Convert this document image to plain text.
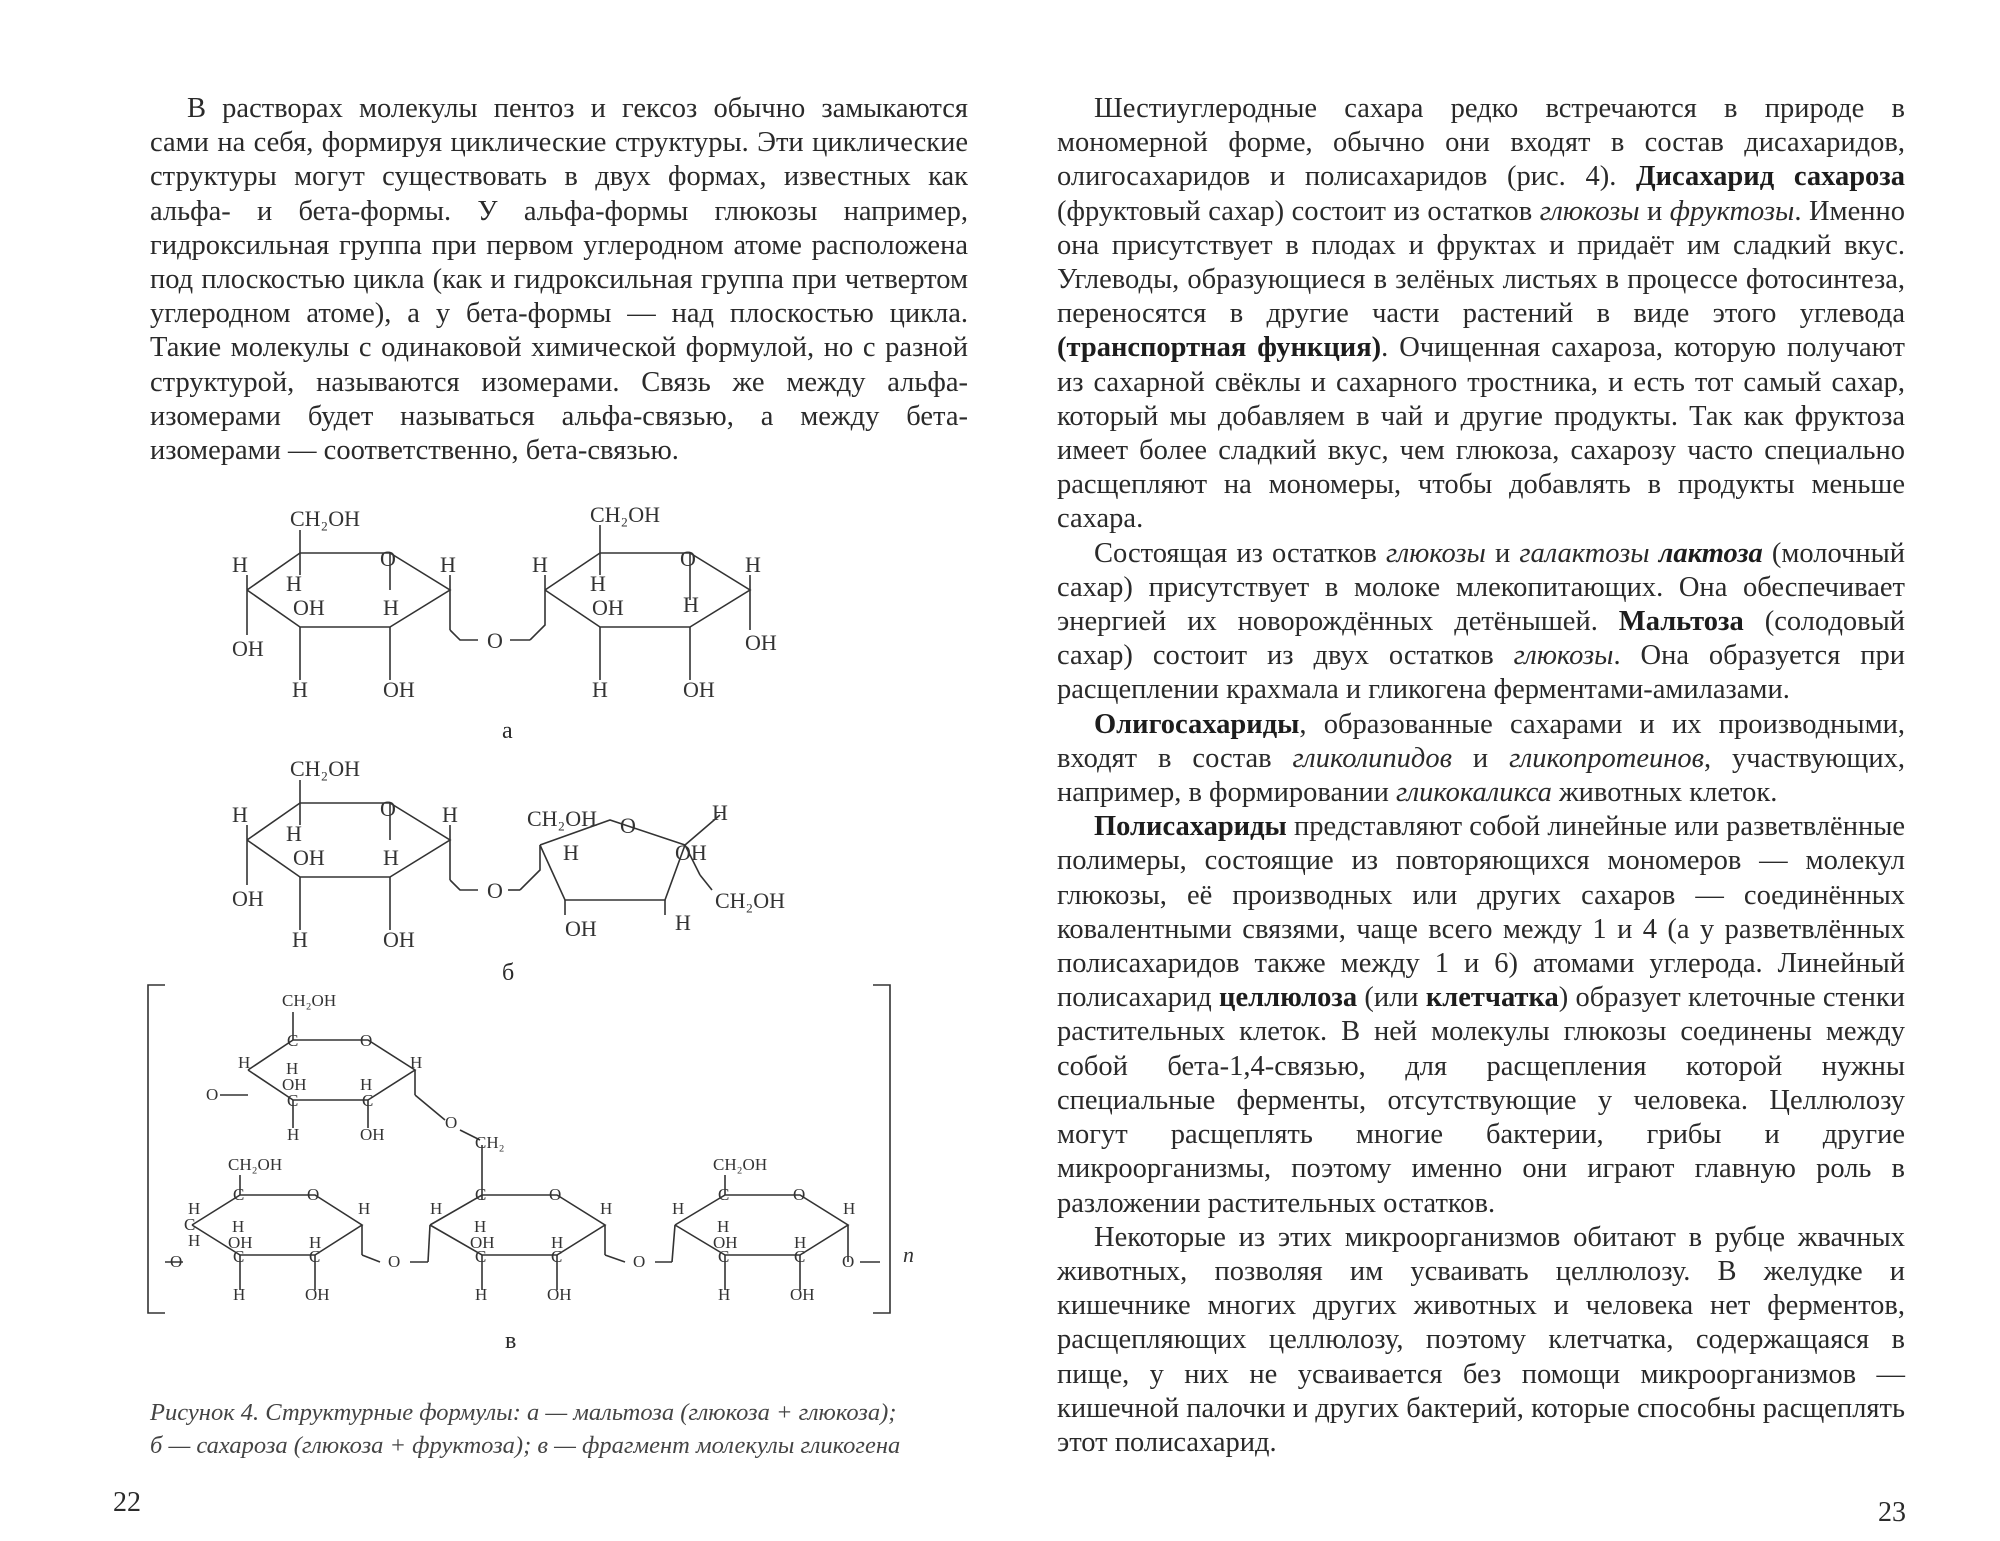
В растворах молекулы пентоз и гексоз обычно замыкаются сами на себя, формируя циклические структуры. Эти циклические структуры могут существовать в двух формах, известных как альфа- и бета-формы. У альфа-формы глюкозы например, гидроксильная группа при первом углеродном атоме расположена под плоскостью цикла (как и гидроксильная группа при четвертом углеродном атоме), а у бета-формы — над плоскостью цикла. Такие молекулы с одинаковой химической формулой, но с разной структурой, называются изомерами. Связь же между альфа-изомерами будет называться альфа-связью, а между бета-изомерами — соответственно, бета-связью.

CH₂OH
O
H
H
OH	H
H
OH
H	OH
O
CH₂OH
O
H
H
OH	H
H
OH
H	OH
CH₂OH
O
H
H
OH	H
H
OH
H	OH
O
CH₂OH O
H	OH
H
CH₂OH
OH	H
CH₂OH
C	O
H	H
H
OH	H
O	C	C
H	OH
O
CH₂
CH₂OH
C	O
H	H
H
C
OH	H
H
O	C	C
H	OH
O
C	O
H	H
H
OH	H
C	C
H	OH
O
CH₂OH
C	O
H	H
H
OH	H
C	C O
H	OH
n
а
б
в
Рисунок 4. Структурные формулы: а — мальтоза (глюкоза + глюкоза);
б — сахароза (глюкоза + фруктоза); в — фрагмент молекулы гликогена
22

Шестиуглеродные сахара редко встречаются в природе в мономерной форме, обычно они входят в состав дисахаридов, олигосахаридов и полисахаридов (рис. 4). Дисахарид сахароза (фруктовый сахар) состоит из остатков глюкозы и фруктозы. Именно она присутствует в плодах и фруктах и придаёт им сладкий вкус. Углеводы, образующиеся в зелёных листьях в процессе фотосинтеза, переносятся в другие части растений в виде этого углевода (транспортная функция). Очищенная сахароза, которую получают из сахарной свёклы и сахарного тростника, и есть тот самый сахар, который мы добавляем в чай и другие продукты. Так как фруктоза имеет более сладкий вкус, чем глюкоза, сахарозу часто специально расщепляют на мономеры, чтобы добавлять в продукты меньше сахара.

Состоящая из остатков глюкозы и галактозы лактоза (молочный сахар) присутствует в молоке млекопитающих. Она обеспечивает энергией их новорождённых детёнышей. Мальтоза (солодовый сахар) состоит из двух остатков глюкозы. Она образуется при расщеплении крахмала и гликогена ферментами-амилазами.

Олигосахариды, образованные сахарами и их производными, входят в состав гликолипидов и гликопротеинов, участвующих, например, в формировании гликокаликса животных клеток.

Полисахариды представляют собой линейные или разветвлённые полимеры, состоящие из повторяющихся мономеров — молекул глюкозы, её производных или других сахаров — соединённых ковалентными связями, чаще всего между 1 и 4 (а у разветвлённых полисахаридов также между 1 и 6) атомами углерода. Линейный полисахарид целлюлоза (или клетчатка) образует клеточные стенки растительных клеток. В ней молекулы глюкозы соединены между собой бета-1,4-связью, для расщепления которой нужны специальные ферменты, отсутствующие у человека. Целлюлозу могут расщеплять многие бактерии, грибы и другие микроорганизмы, поэтому именно они играют главную роль в разложении растительных остатков.

Некоторые из этих микроорганизмов обитают в рубце жвачных животных, позволяя им усваивать целлюлозу. В желудке и кишечнике многих других животных и человека нет ферментов, расщепляющих целлюлозу, поэтому клетчатка, содержащаяся в пище, у них не усваивается без помощи микроорганизмов — кишечной палочки и других бактерий, которые способны расщеплять этот полисахарид.

23
